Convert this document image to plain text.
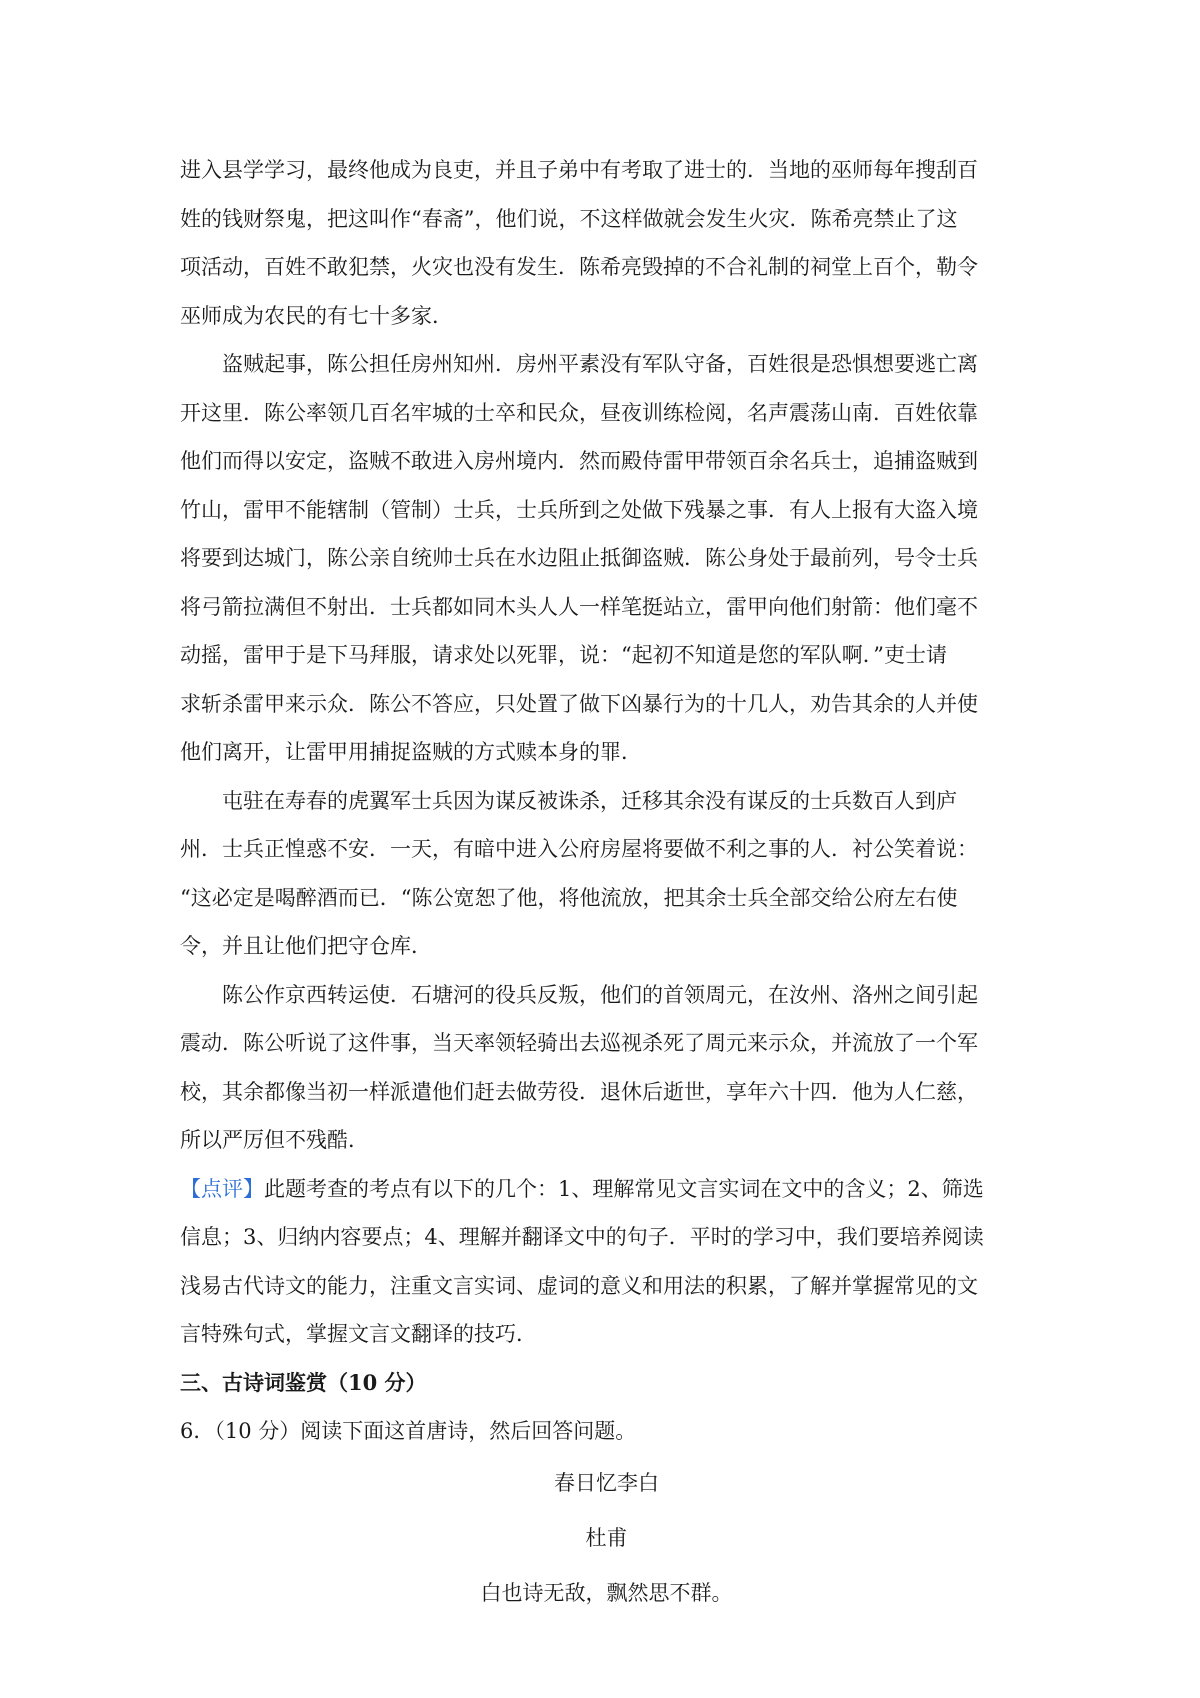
进入县学学习，最终他成为良吏，并且子弟中有考取了进士的．当地的巫师每年搜刮百
姓的钱财祭鬼，把这叫作“春斋”，他们说，不这样做就会发生火灾．陈希亮禁止了这
项活动，百姓不敢犯禁，火灾也没有发生．陈希亮毁掉的不合礼制的祠堂上百个，勒令
巫师成为农民的有七十多家．

盗贼起事，陈公担任房州知州．房州平素没有军队守备，百姓很是恐惧想要逃亡离
开这里．陈公率领几百名牢城的士卒和民众，昼夜训练检阅，名声震荡山南．百姓依靠
他们而得以安定，盗贼不敢进入房州境内．然而殿侍雷甲带领百余名兵士，追捕盗贼到
竹山，雷甲不能辖制（管制）士兵，士兵所到之处做下残暴之事．有人上报有大盗入境
将要到达城门，陈公亲自统帅士兵在水边阻止抵御盗贼．陈公身处于最前列，号令士兵
将弓箭拉满但不射出．士兵都如同木头人人一样笔挺站立，雷甲向他们射箭：他们毫不
动摇，雷甲于是下马拜服，请求处以死罪，说：“起初不知道是您的军队啊．”吏士请
求斩杀雷甲来示众．陈公不答应，只处置了做下凶暴行为的十几人，劝告其余的人并使
他们离开，让雷甲用捕捉盗贼的方式赎本身的罪．

屯驻在寿春的虎翼军士兵因为谋反被诛杀，迁移其余没有谋反的士兵数百人到庐
州．士兵正惶惑不安．一天，有暗中进入公府房屋将要做不利之事的人．衬公笑着说：
“这必定是喝醉酒而已．“陈公宽恕了他，将他流放，把其余士兵全部交给公府左右使
令，并且让他们把守仓库．

陈公作京西转运使．石塘河的役兵反叛，他们的首领周元，在汝州、洛州之间引起
震动．陈公听说了这件事，当天率领轻骑出去巡视杀死了周元来示众，并流放了一个军
校，其余都像当初一样派遣他们赶去做劳役．退休后逝世，享年六十四．他为人仁慈，
所以严厉但不残酷．

【点评】此题考查的考点有以下的几个：1、理解常见文言实词在文中的含义；2、筛选
信息；3、归纳内容要点；4、理解并翻译文中的句子．平时的学习中，我们要培养阅读
浅易古代诗文的能力，注重文言实词、虚词的意义和用法的积累，了解并掌握常见的文
言特殊句式，掌握文言文翻译的技巧．

三、古诗词鉴赏（10 分）

6．（10 分）阅读下面这首唐诗，然后回答问题。

春日忆李白
杜甫
白也诗无敌，飘然思不群。
